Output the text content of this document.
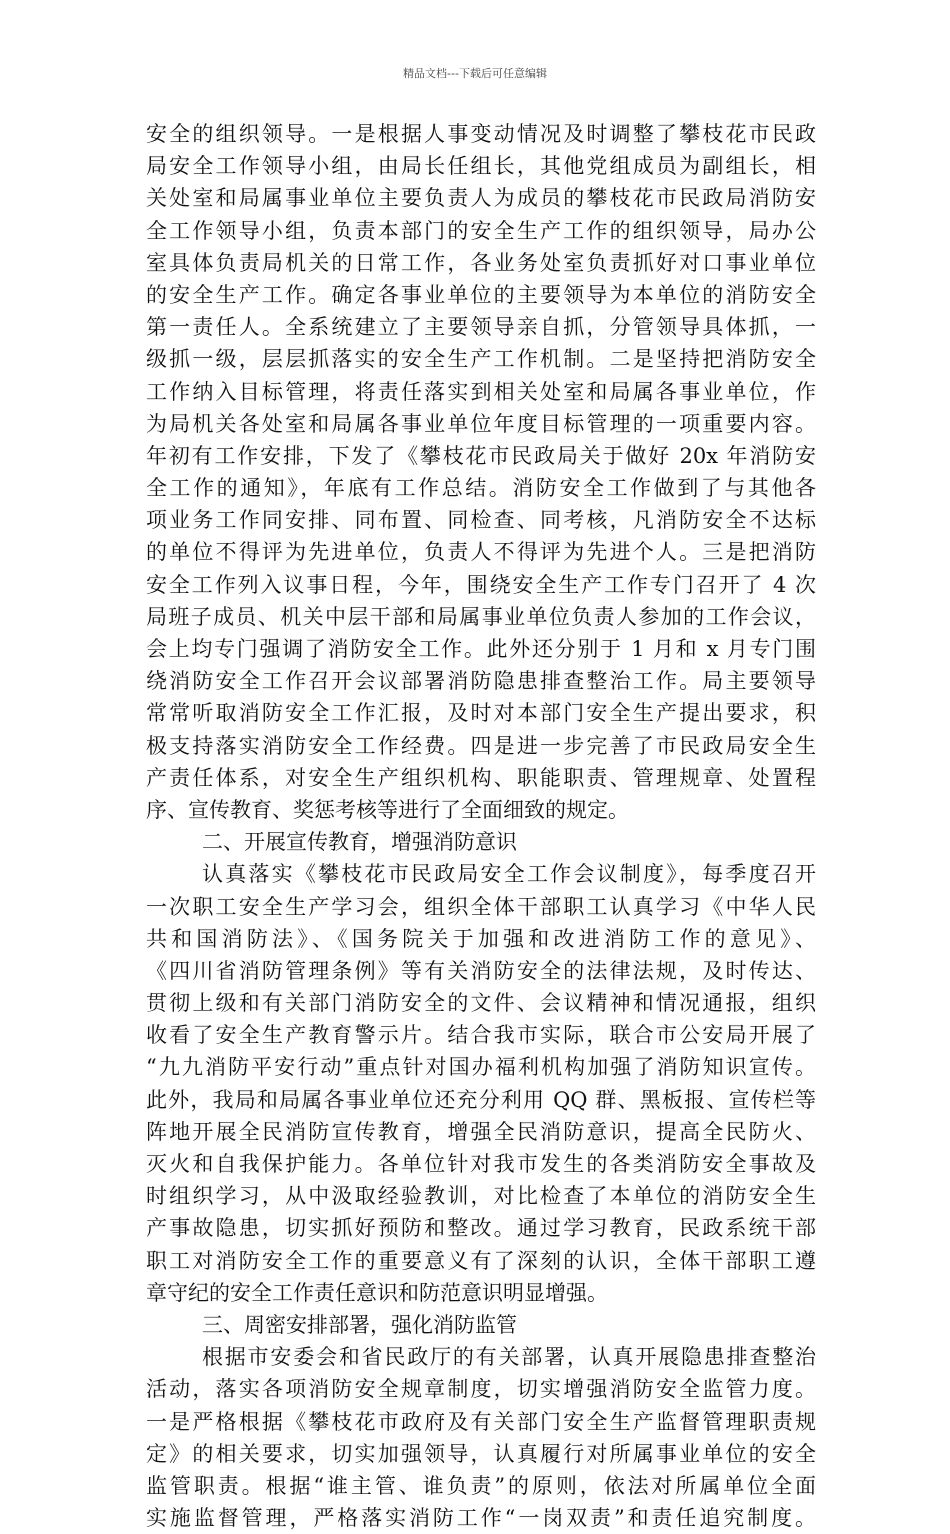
精品文档---下载后可任意编辑
安全的组织领导。一是根据人事变动情况及时调整了攀枝花市民政
局安全工作领导小组，由局长任组长，其他党组成员为副组长，相
关处室和局属事业单位主要负责人为成员的攀枝花市民政局消防安
全工作领导小组，负责本部门的安全生产工作的组织领导，局办公
室具体负责局机关的日常工作，各业务处室负责抓好对口事业单位
的安全生产工作。确定各事业单位的主要领导为本单位的消防安全
第一责任人。全系统建立了主要领导亲自抓，分管领导具体抓，一
级抓一级，层层抓落实的安全生产工作机制。二是坚持把消防安全
工作纳入目标管理，将责任落实到相关处室和局属各事业单位，作
为局机关各处室和局属各事业单位年度目标管理的一项重要内容。
年初有工作安排，下发了《攀枝花市民政局关于做好 20x 年消防安
全工作的通知》，年底有工作总结。消防安全工作做到了与其他各
项业务工作同安排、同布置、同检查、同考核，凡消防安全不达标
的单位不得评为先进单位，负责人不得评为先进个人。三是把消防
安全工作列入议事日程，今年，围绕安全生产工作专门召开了 4 次
局班子成员、机关中层干部和局属事业单位负责人参加的工作会议，
会上均专门强调了消防安全工作。此外还分别于 1 月和 x 月专门围
绕消防安全工作召开会议部署消防隐患排查整治工作。局主要领导
常常听取消防安全工作汇报，及时对本部门安全生产提出要求，积
极支持落实消防安全工作经费。四是进一步完善了市民政局安全生
产责任体系，对安全生产组织机构、职能职责、管理规章、处置程
序、宣传教育、奖惩考核等进行了全面细致的规定。
二、开展宣传教育，增强消防意识
认真落实《攀枝花市民政局安全工作会议制度》，每季度召开
一次职工安全生产学习会，组织全体干部职工认真学习《中华人民
共和国消防法》、《国务院关于加强和改进消防工作的意见》、
《四川省消防管理条例》等有关消防安全的法律法规，及时传达、
贯彻上级和有关部门消防安全的文件、会议精神和情况通报，组织
收看了安全生产教育警示片。结合我市实际，联合市公安局开展了
“九九消防平安行动”重点针对国办福利机构加强了消防知识宣传。
此外，我局和局属各事业单位还充分利用 QQ 群、黑板报、宣传栏等
阵地开展全民消防宣传教育，增强全民消防意识，提高全民防火、
灭火和自我保护能力。各单位针对我市发生的各类消防安全事故及
时组织学习，从中汲取经验教训，对比检查了本单位的消防安全生
产事故隐患，切实抓好预防和整改。通过学习教育，民政系统干部
职工对消防安全工作的重要意义有了深刻的认识，全体干部职工遵
章守纪的安全工作责任意识和防范意识明显增强。
三、周密安排部署，强化消防监管
根据市安委会和省民政厅的有关部署，认真开展隐患排查整治
活动，落实各项消防安全规章制度，切实增强消防安全监管力度。
一是严格根据《攀枝花市政府及有关部门安全生产监督管理职责规
定》的相关要求，切实加强领导，认真履行对所属事业单位的安全
监管职责。根据“谁主管、谁负责”的原则，依法对所属单位全面
实施监督管理，严格落实消防工作“一岗双责”和责任追究制度。
